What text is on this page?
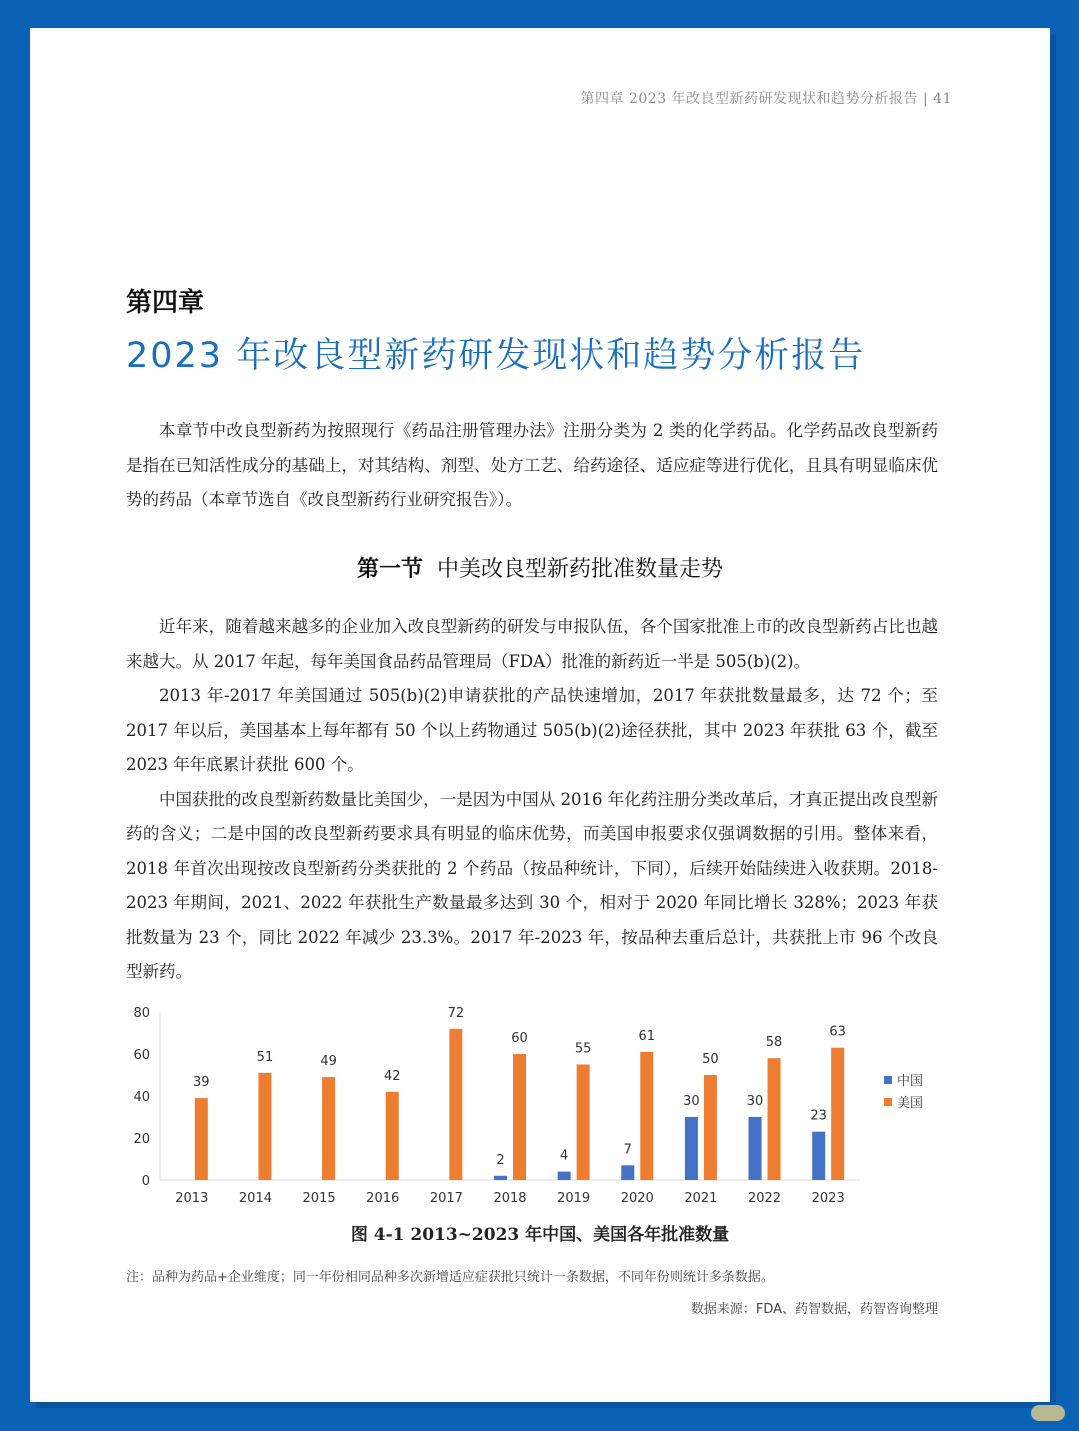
第四章 2023 年改良型新药研发现状和趋势分析报告 | 41
第四章
2023 年改良型新药研发现状和趋势分析报告

本章节中改良型新药为按照现行《药品注册管理办法》注册分类为 2 类的化学药品。化学药品改良型新药是指在已知活性成分的基础上，对其结构、剂型、处方工艺、给药途径、适应症等进行优化，且具有明显临床优势的药品（本章节选自《改良型新药行业研究报告》）。

第一节 中美改良型新药批准数量走势

近年来，随着越来越多的企业加入改良型新药的研发与申报队伍，各个国家批准上市的改良型新药占比也越来越大。从 2017 年起，每年美国食品药品管理局（FDA）批准的新药近一半是 505(b)(2)。

2013 年-2017 年美国通过 505(b)(2)申请获批的产品快速增加，2017 年获批数量最多，达 72 个；至 2017 年以后，美国基本上每年都有 50 个以上药物通过 505(b)(2)途径获批，其中 2023 年获批 63 个，截至 2023 年年底累计获批 600 个。

中国获批的改良型新药数量比美国少，一是因为中国从 2016 年化药注册分类改革后，才真正提出改良型新药的含义；二是中国的改良型新药要求具有明显的临床优势，而美国申报要求仅强调数据的引用。整体来看，2018 年首次出现按改良型新药分类获批的 2 个药品（按品种统计，下同），后续开始陆续进入收获期。2018-2023 年期间，2021、2022 年获批生产数量最多达到 30 个，相对于 2020 年同比增长 328%；2023 年获批数量为 23 个，同比 2022 年减少 23.3%。2017 年-2023 年，按品种去重后总计，共获批上市 96 个改良型新药。

0
20
40
60
80
2013
39
2014
51
2015
49
2016
42
2017
72
2018
2
60
2019
4
55
2020
7
61
2021
30
50
2022
30
58
2023
23
63
中国
美国
图 4-1 2013~2023 年中国、美国各年批准数量
注：品种为药品+企业维度；同一年份相同品种多次新增适应症获批只统计一条数据，不同年份则统计多条数据。
数据来源：FDA、药智数据，药智咨询整理
